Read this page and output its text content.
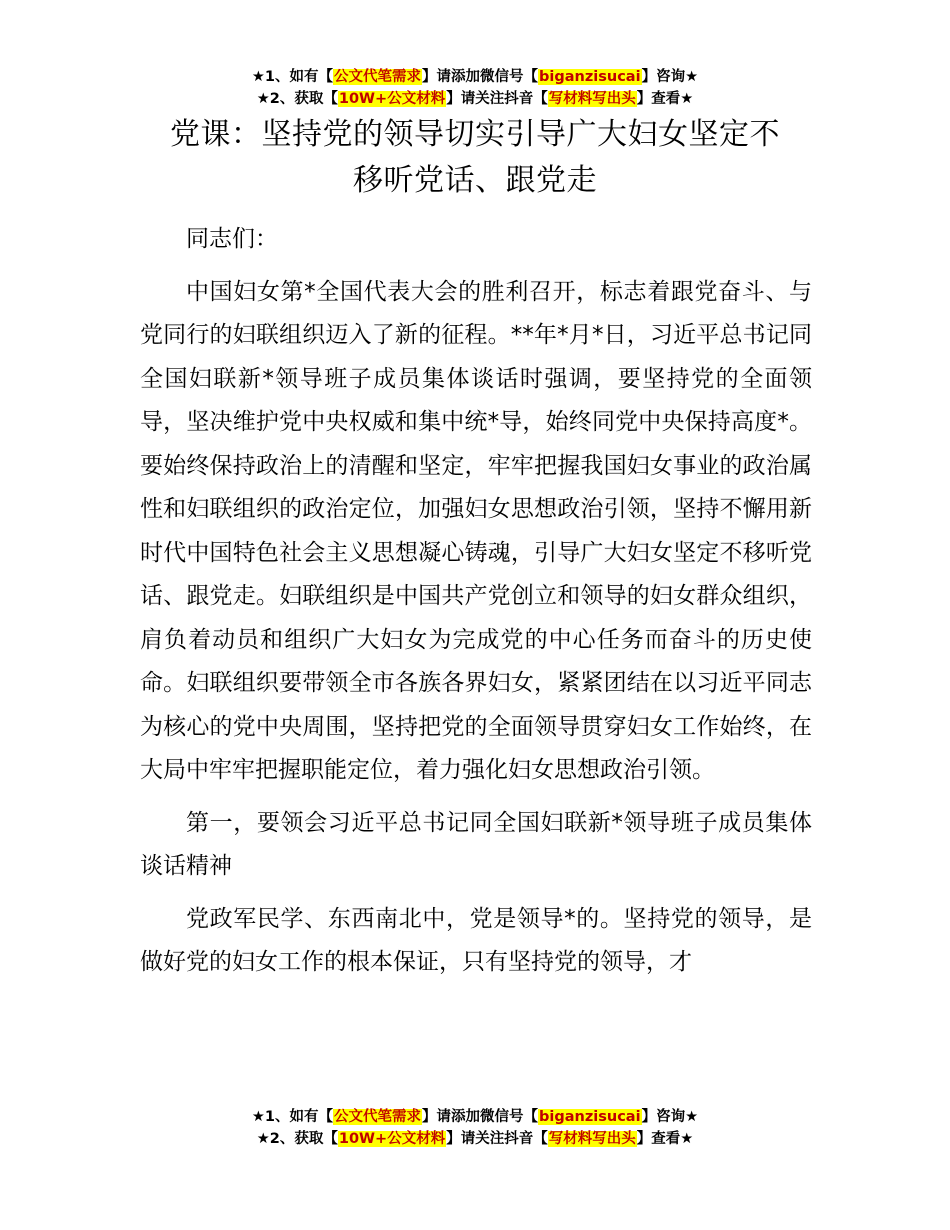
★1、如有【公文代笔需求】请添加微信号【biganzisucai】咨询★
★2、获取【10W+公文材料】请关注抖音【写材料写出头】查看★
党课：坚持党的领导切实引导广大妇女坚定不
移听党话、跟党走

同志们：

中国妇女第*全国代表大会的胜利召开，标志着跟党奋斗、与党同行的妇联组织迈入了新的征程。**年*月*日，习近平总书记同全国妇联新*领导班子成员集体谈话时强调，要坚持党的全面领导，坚决维护党中央权威和集中统*导，始终同党中央保持高度*。要始终保持政治上的清醒和坚定，牢牢把握我国妇女事业的政治属性和妇联组织的政治定位，加强妇女思想政治引领，坚持不懈用新时代中国特色社会主义思想凝心铸魂，引导广大妇女坚定不移听党话、跟党走。妇联组织是中国共产党创立和领导的妇女群众组织，肩负着动员和组织广大妇女为完成党的中心任务而奋斗的历史使命。妇联组织要带领全市各族各界妇女，紧紧团结在以习近平同志为核心的党中央周围，坚持把党的全面领导贯穿妇女工作始终，在大局中牢牢把握职能定位，着力强化妇女思想政治引领。

第一，要领会习近平总书记同全国妇联新*领导班子成员集体谈话精神

党政军民学、东西南北中，党是领导*的。坚持党的领导，是做好党的妇女工作的根本保证，只有坚持党的领导，才

★1、如有【公文代笔需求】请添加微信号【biganzisucai】咨询★
★2、获取【10W+公文材料】请关注抖音【写材料写出头】查看★
